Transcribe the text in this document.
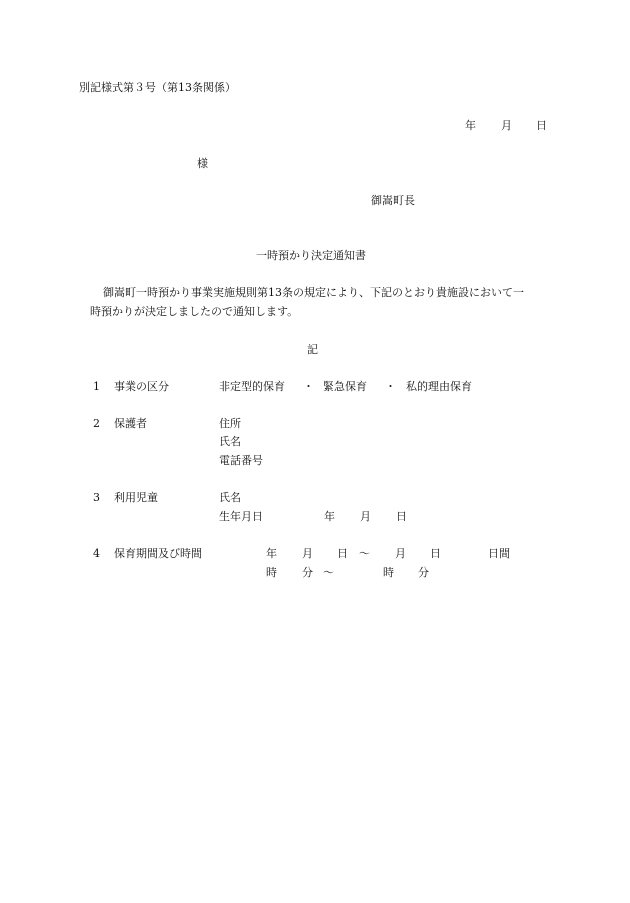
別記様式第３号（第13条関係）
年 月 日
様
御嵩町長
一時預かり決定通知書
御嵩町一時預かり事業実施規則第13条の規定により、下記のとおり貴施設において一
時預かりが決定しましたので通知します。
記
1 事業の区分	非定型的保育 ・ 緊急保育 ・ 私的理由保育
2 保護者	住所
氏名
電話番号
3 利用児童	氏名
生年月日	年 月 日
4 保育期間及び時間	年 月 日 〜 月 日	日間
時 分 〜	時 分
